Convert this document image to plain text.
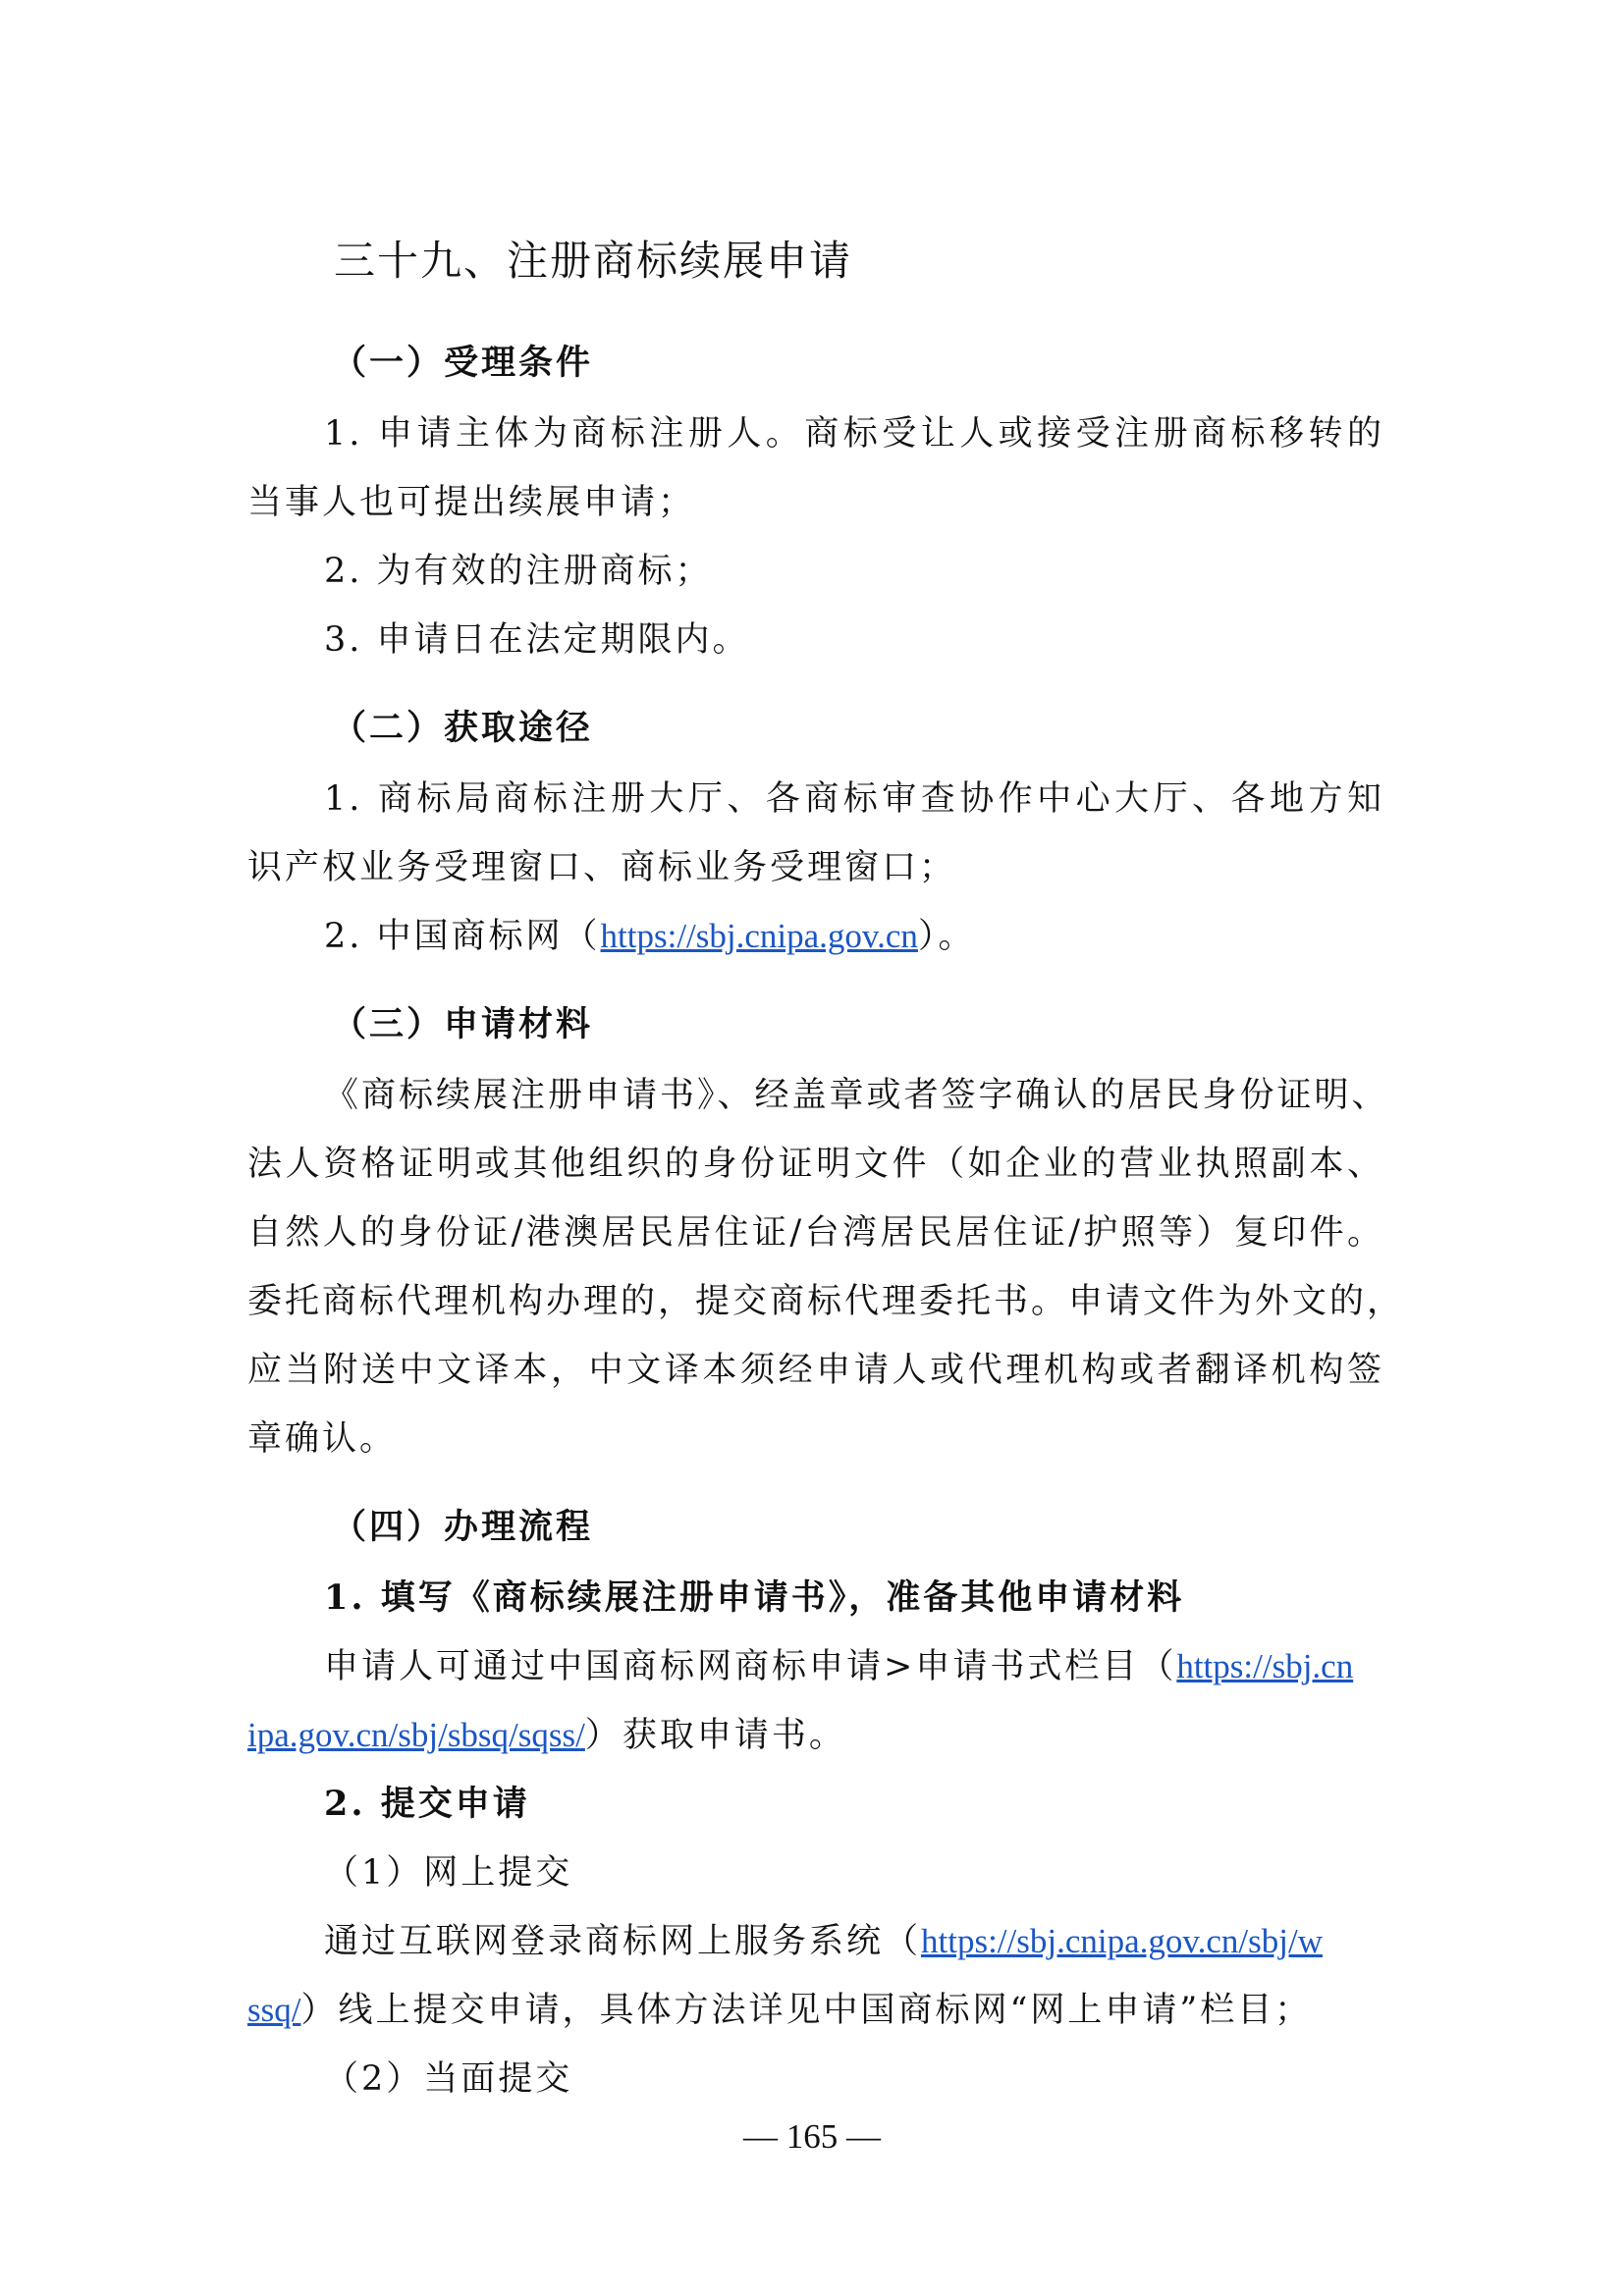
三十九、注册商标续展申请
（一）受理条件
1. 申请主体为商标注册人。商标受让人或接受注册商标移转的
当事人也可提出续展申请；
2. 为有效的注册商标；
3. 申请日在法定期限内。
（二）获取途径
1. 商标局商标注册大厅、各商标审查协作中心大厅、各地方知
识产权业务受理窗口、商标业务受理窗口；
2. 中国商标网（https://sbj.cnipa.gov.cn）。
（三）申请材料
《商标续展注册申请书》、经盖章或者签字确认的居民身份证明、
法人资格证明或其他组织的身份证明文件（如企业的营业执照副本、
自然人的身份证/港澳居民居住证/台湾居民居住证/护照等）复印件。
委托商标代理机构办理的，提交商标代理委托书。申请文件为外文的，
应当附送中文译本，中文译本须经申请人或代理机构或者翻译机构签
章确认。
（四）办理流程
1. 填写《商标续展注册申请书》，准备其他申请材料
申请人可通过中国商标网商标申请>申请书式栏目（https://sbj.cn
ipa.gov.cn/sbj/sbsq/sqss/）获取申请书。
2. 提交申请
（1）网上提交
通过互联网登录商标网上服务系统（https://sbj.cnipa.gov.cn/sbj/w
ssq/）线上提交申请，具体方法详见中国商标网“网上申请”栏目；
（2）当面提交
— 165 —
